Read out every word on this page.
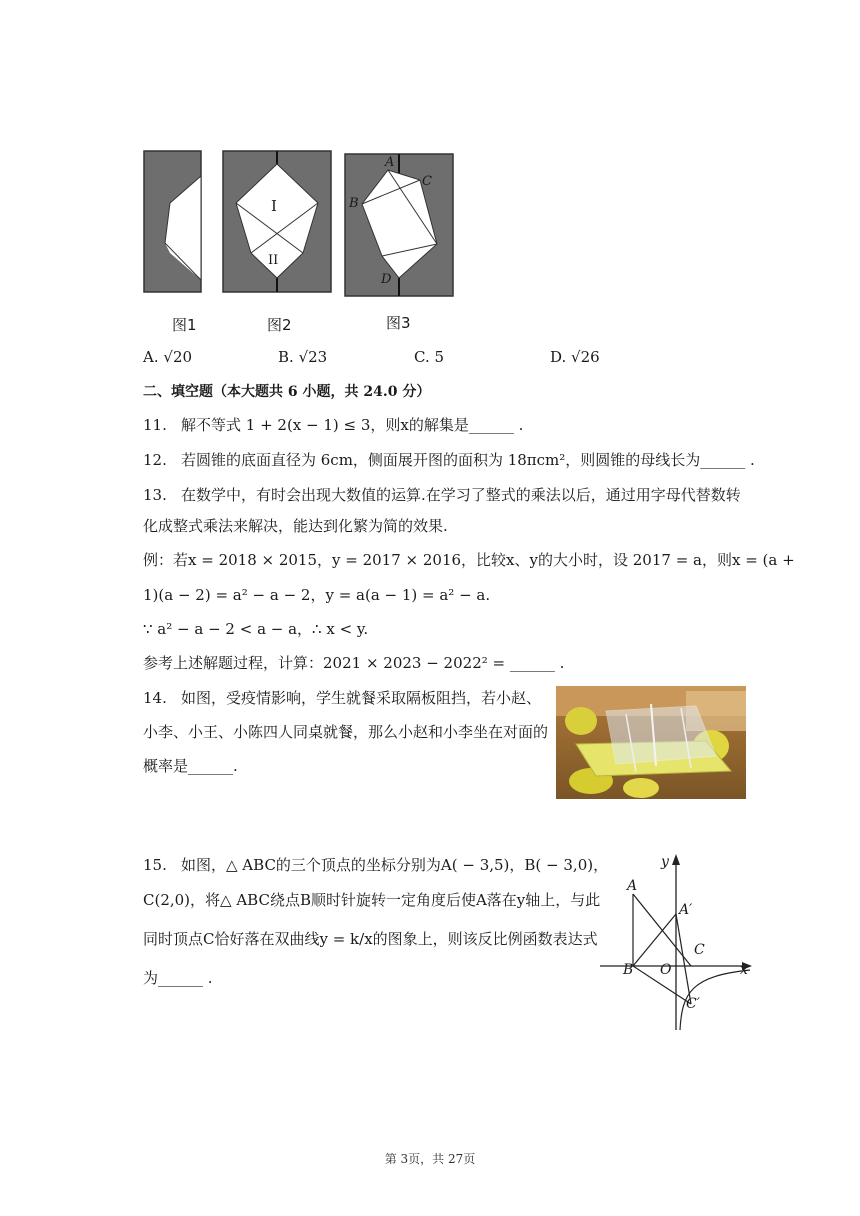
I
II
A
C
B
D
图1	图2	图3
A. √20	B. √23	C. 5	D. √26
二、填空题（本大题共 6 小题，共 24.0 分）
11. 解不等式 1 + 2(x − 1) ≤ 3，则x的解集是______ .
12. 若圆锥的底面直径为 6cm，侧面展开图的面积为 18πcm²，则圆锥的母线长为______ .
13. 在数学中，有时会出现大数值的运算.在学习了整式的乘法以后，通过用字母代替数转
化成整式乘法来解决，能达到化繁为简的效果.
例：若x = 2018 × 2015，y = 2017 × 2016，比较x、y的大小时，设 2017 = a，则x = (a +
1)(a − 2) = a² − a − 2，y = a(a − 1) = a² − a.
∵ a² − a − 2 < a − a，∴ x < y.
参考上述解题过程，计算：2021 × 2023 − 2022² = ______ .
14. 如图，受疫情影响，学生就餐采取隔板阻挡，若小赵、
小李、小王、小陈四人同桌就餐，那么小赵和小李坐在对面的
概率是______.
15. 如图，△ ABC的三个顶点的坐标分别为A( − 3,5)，B( − 3,0)，
C(2,0)，将△ ABC绕点B顺时针旋转一定角度后使A落在y轴上，与此
同时顶点C恰好落在双曲线y = k/x的图象上，则该反比例函数表达式
为______ .
y
x
A
A′
C
B O
C′
第 3页，共 27页
